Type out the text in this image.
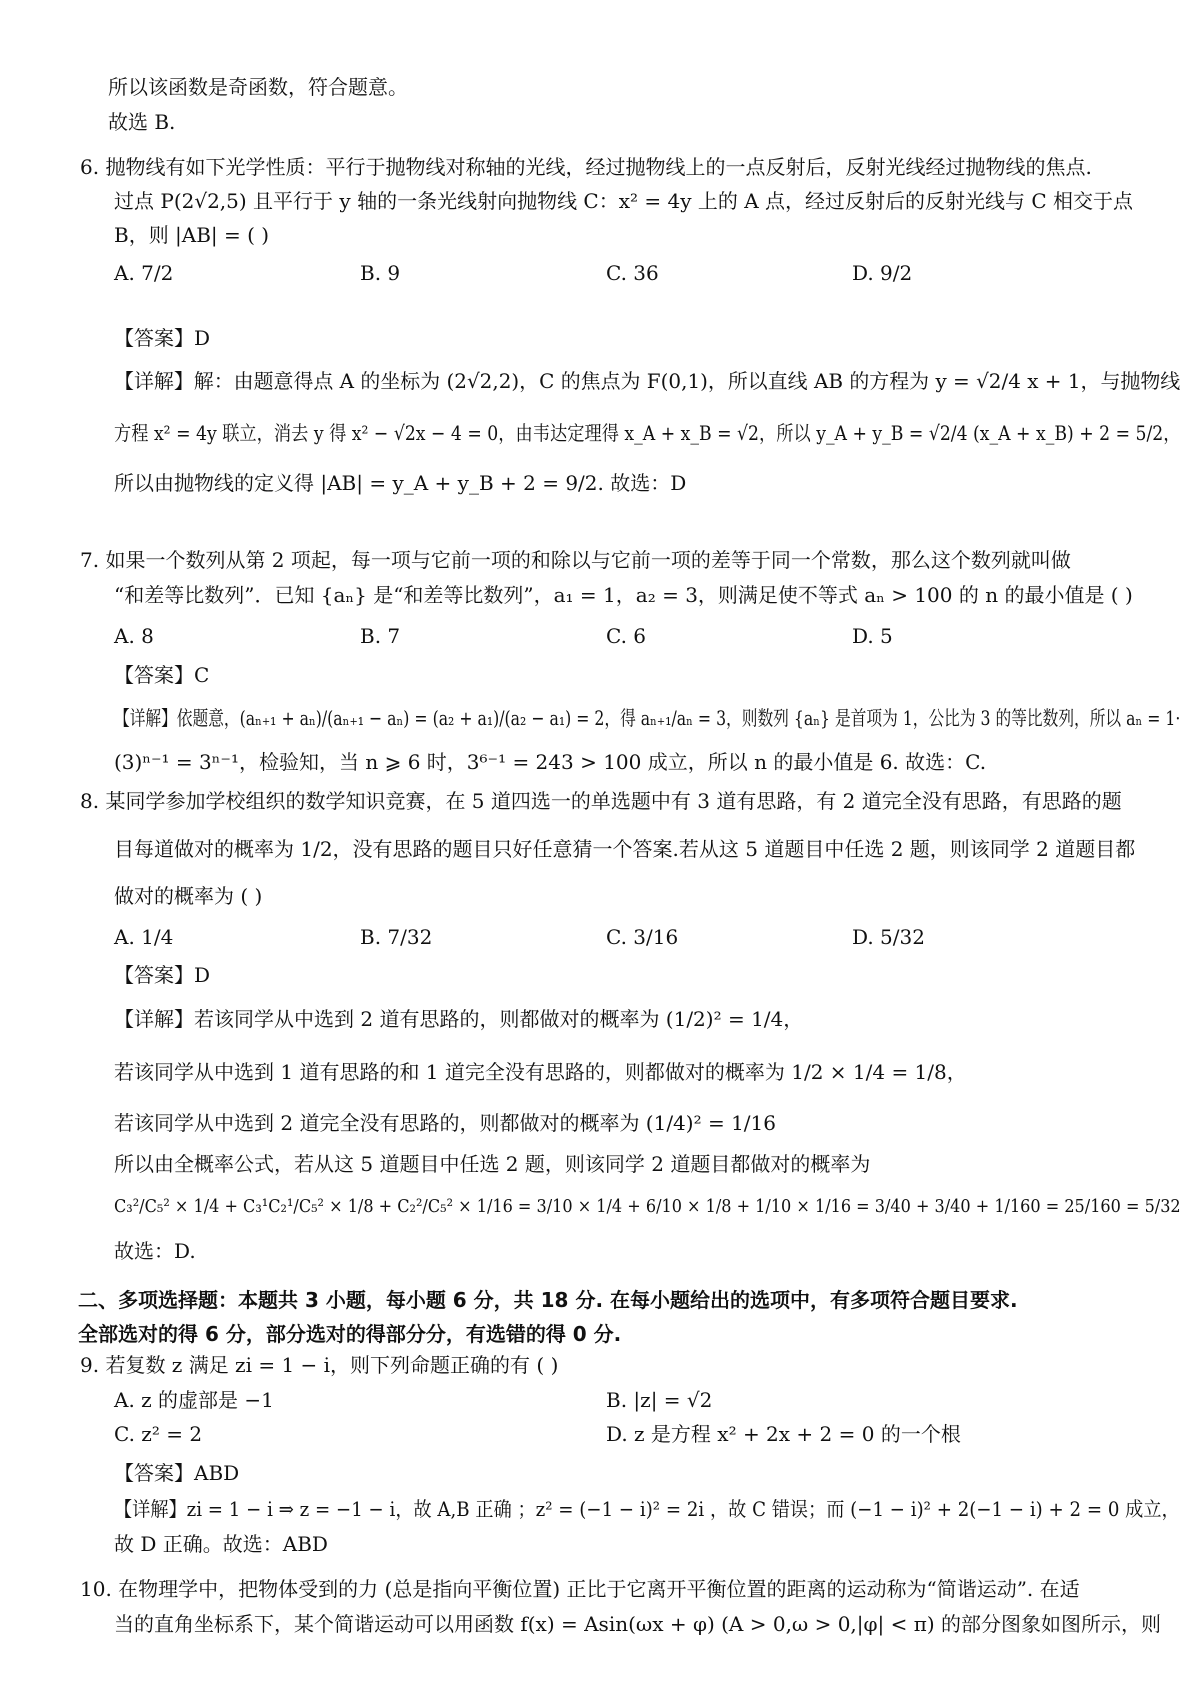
所以该函数是奇函数，符合题意。
故选 B.
6. 抛物线有如下光学性质：平行于抛物线对称轴的光线，经过抛物线上的一点反射后，反射光线经过抛物线的焦点.
过点 P(2√2,5) 且平行于 y 轴的一条光线射向抛物线 C：x² = 4y 上的 A 点，经过反射后的反射光线与 C 相交于点
B，则 |AB| = ( )
A. 7/2	B. 9	C. 36	D. 9/2
【答案】D
【详解】解：由题意得点 A 的坐标为 (2√2,2)，C 的焦点为 F(0,1)，所以直线 AB 的方程为 y = √2/4 x + 1，与抛物线
方程 x² = 4y 联立，消去 y 得 x² − √2x − 4 = 0，由韦达定理得 x_A + x_B = √2，所以 y_A + y_B = √2/4 (x_A + x_B) + 2 = 5/2，
所以由抛物线的定义得 |AB| = y_A + y_B + 2 = 9/2. 故选：D
7. 如果一个数列从第 2 项起，每一项与它前一项的和除以与它前一项的差等于同一个常数，那么这个数列就叫做
“和差等比数列”．已知 {aₙ} 是“和差等比数列”，a₁ = 1，a₂ = 3，则满足使不等式 aₙ > 100 的 n 的最小值是 ( )
A. 8	B. 7	C. 6	D. 5
【答案】C
【详解】依题意，(aₙ₊₁ + aₙ)/(aₙ₊₁ − aₙ) = (a₂ + a₁)/(a₂ − a₁) = 2，得 aₙ₊₁/aₙ = 3，则数列 {aₙ} 是首项为 1，公比为 3 的等比数列，所以 aₙ = 1·
(3)ⁿ⁻¹ = 3ⁿ⁻¹，检验知，当 n ⩾ 6 时，3⁶⁻¹ = 243 > 100 成立，所以 n 的最小值是 6. 故选：C.
8. 某同学参加学校组织的数学知识竞赛，在 5 道四选一的单选题中有 3 道有思路，有 2 道完全没有思路，有思路的题
目每道做对的概率为 1/2，没有思路的题目只好任意猜一个答案.若从这 5 道题目中任选 2 题，则该同学 2 道题目都
做对的概率为 ( )
A. 1/4	B. 7/32	C. 3/16	D. 5/32
【答案】D
【详解】若该同学从中选到 2 道有思路的，则都做对的概率为 (1/2)² = 1/4，
若该同学从中选到 1 道有思路的和 1 道完全没有思路的，则都做对的概率为 1/2 × 1/4 = 1/8，
若该同学从中选到 2 道完全没有思路的，则都做对的概率为 (1/4)² = 1/16
所以由全概率公式，若从这 5 道题目中任选 2 题，则该同学 2 道题目都做对的概率为
C₃²/C₅² × 1/4 + C₃¹C₂¹/C₅² × 1/8 + C₂²/C₅² × 1/16 = 3/10 × 1/4 + 6/10 × 1/8 + 1/10 × 1/16 = 3/40 + 3/40 + 1/160 = 25/160 = 5/32
故选：D.
二、多项选择题：本题共 3 小题，每小题 6 分，共 18 分. 在每小题给出的选项中，有多项符合题目要求.
全部选对的得 6 分，部分选对的得部分分，有选错的得 0 分.
9. 若复数 z 满足 zi = 1 − i，则下列命题正确的有 ( )
A. z 的虚部是 −1	B. |z| = √2
C. z² = 2	D. z 是方程 x² + 2x + 2 = 0 的一个根
【答案】ABD
【详解】zi = 1 − i ⇒ z = −1 − i，故 A,B 正确 ；z² = (−1 − i)² = 2i ，故 C 错误；而 (−1 − i)² + 2(−1 − i) + 2 = 0 成立，
故 D 正确。故选：ABD
10. 在物理学中，把物体受到的力 (总是指向平衡位置) 正比于它离开平衡位置的距离的运动称为“简谐运动”. 在适
当的直角坐标系下，某个简谐运动可以用函数 f(x) = Asin(ωx + φ) (A > 0,ω > 0,|φ| < π) 的部分图象如图所示，则
